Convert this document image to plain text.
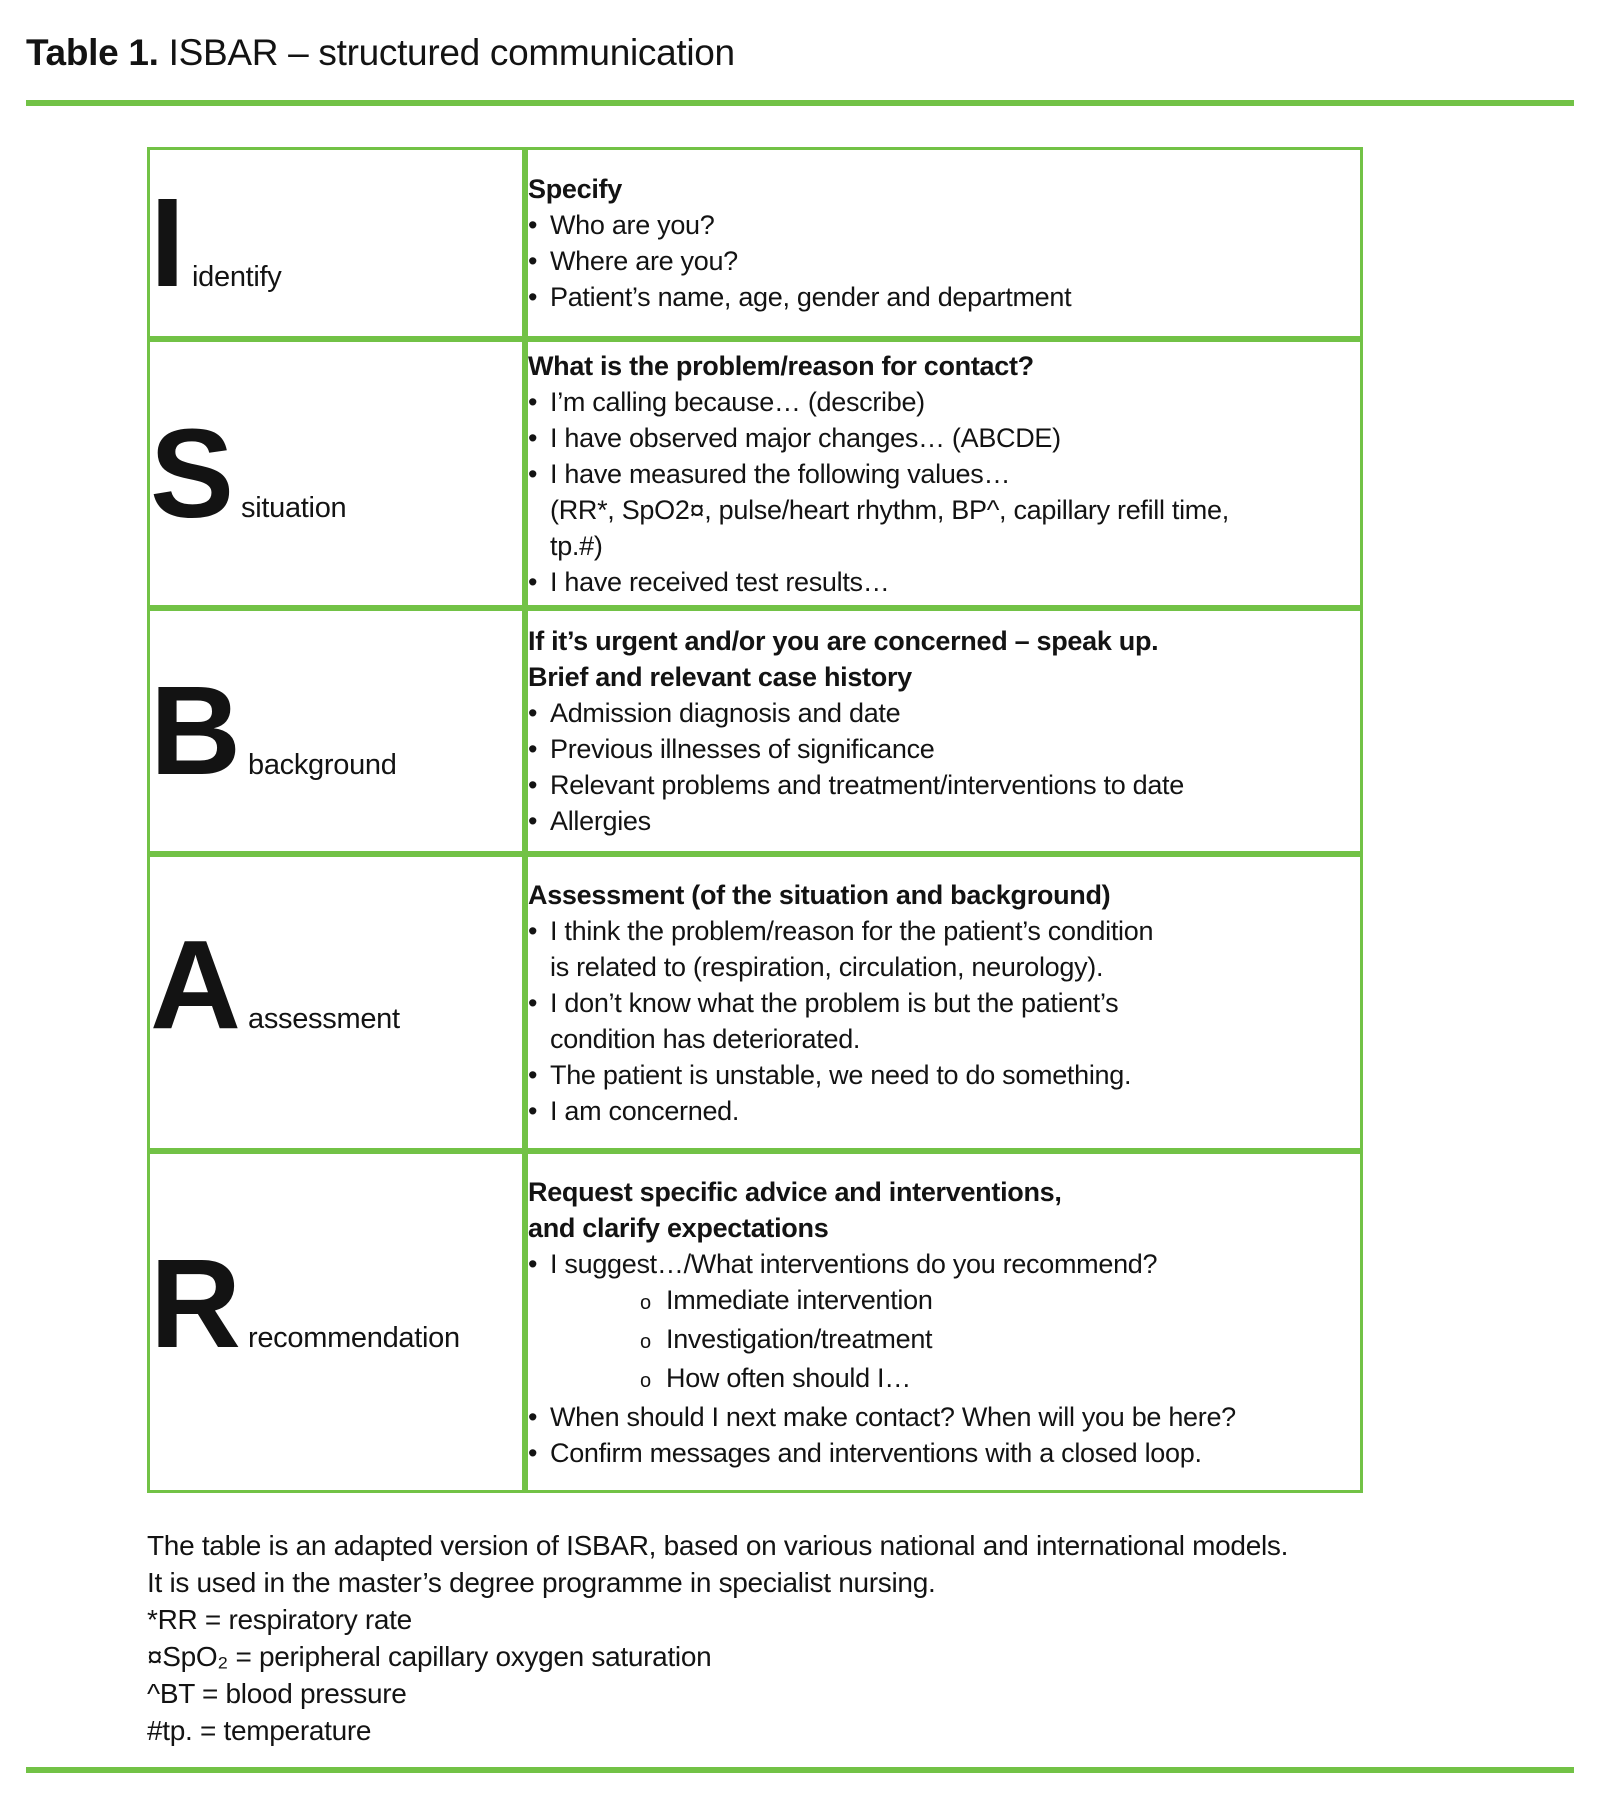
Table 1. ISBAR – structured communication
I identify

Specify
• Who are you?
• Where are you?
• Patient’s name, age, gender and department

S situation

What is the problem/reason for contact?
• I’m calling because… (describe)
• I have observed major changes… (ABCDE)
• I have measured the following values…
(RR*, SpO2¤, pulse/heart rhythm, BP^, capillary refill time,
tp.#)
• I have received test results…

B background

If it’s urgent and/or you are concerned – speak up.
Brief and relevant case history
• Admission diagnosis and date
• Previous illnesses of significance
• Relevant problems and treatment/interventions to date
• Allergies

A assessment

Assessment (of the situation and background)
• I think the problem/reason for the patient’s condition
is related to (respiration, circulation, neurology).
• I don’t know what the problem is but the patient’s
condition has deteriorated.
• The patient is unstable, we need to do something.
• I am concerned.

R recommendation

Request specific advice and interventions,
and clarify expectations
• I suggest…/What interventions do you recommend?
o Immediate intervention
o Investigation/treatment
o How often should I…
• When should I next make contact? When will you be here?
• Confirm messages and interventions with a closed loop.
The table is an adapted version of ISBAR, based on various national and international models.
It is used in the master’s degree programme in specialist nursing.
*RR = respiratory rate
¤SpO₂ = peripheral capillary oxygen saturation
^BT = blood pressure
#tp. = temperature
